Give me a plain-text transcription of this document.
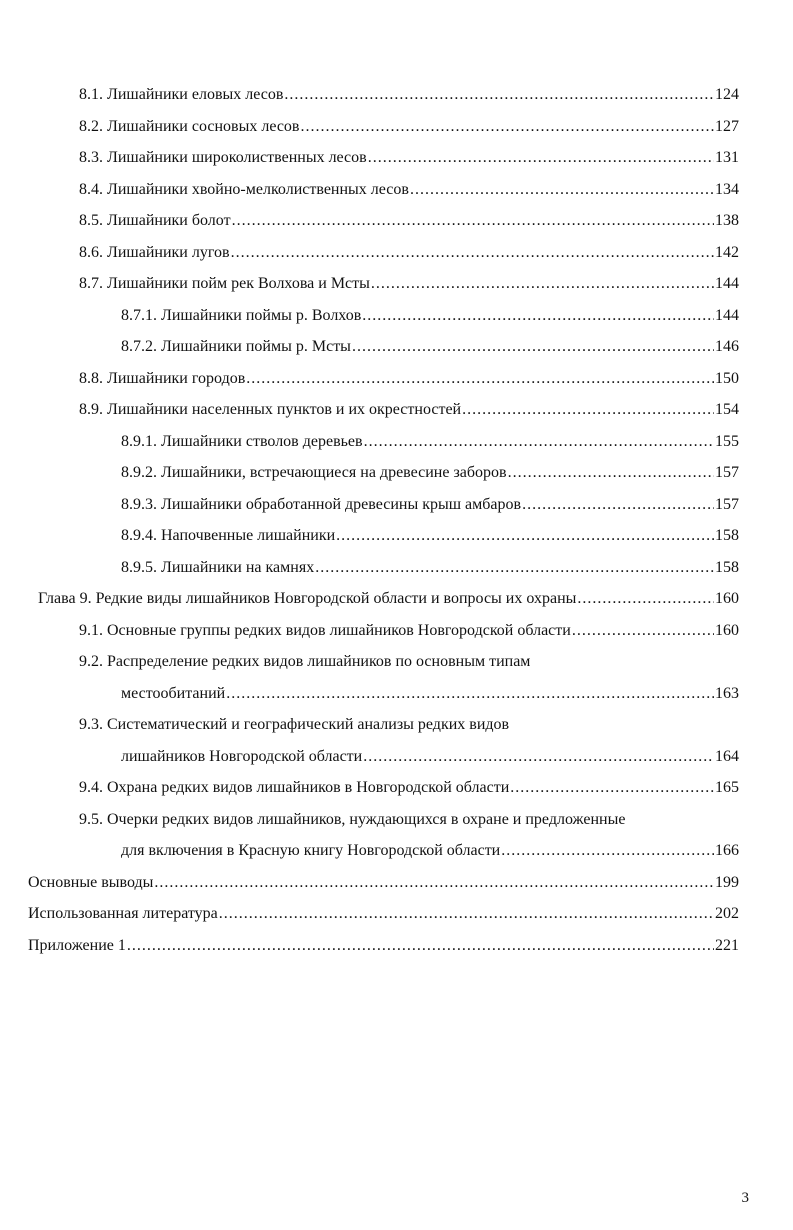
8.1. Лишайники еловых лесов .....	124
8.2. Лишайники сосновых лесов .....	127
8.3. Лишайники широколиственных лесов .....	131
8.4. Лишайники хвойно-мелколиственных лесов .....	134
8.5. Лишайники болот .....	138
8.6. Лишайники лугов .....	142
8.7. Лишайники пойм рек Волхова и Мсты .....	144
8.7.1. Лишайники поймы р. Волхов .....	144
8.7.2. Лишайники поймы р. Мсты .....	146
8.8. Лишайники городов .....	150
8.9. Лишайники населенных пунктов и их окрестностей .....	154
8.9.1. Лишайники стволов деревьев .....	155
8.9.2. Лишайники, встречающиеся на древесине заборов .....	157
8.9.3. Лишайники обработанной древесины крыш амбаров .....	157
8.9.4. Напочвенные лишайники .....	158
8.9.5. Лишайники на камнях .....	158
Глава 9. Редкие виды лишайников Новгородской области и вопросы их охраны .....	160
9.1. Основные группы редких видов лишайников Новгородской области .....	160
9.2. Распределение редких видов лишайников по основным типам
местообитаний .....	163
9.3. Систематический и географический анализы редких видов
лишайников Новгородской области .....	164
9.4. Охрана редких видов лишайников в Новгородской области .....	165
9.5. Очерки редких видов лишайников, нуждающихся в охране и предложенные
для включения в Красную книгу Новгородской области .....	166
Основные выводы .....	199
Использованная литература .....	202
Приложение 1 .....	221
3
